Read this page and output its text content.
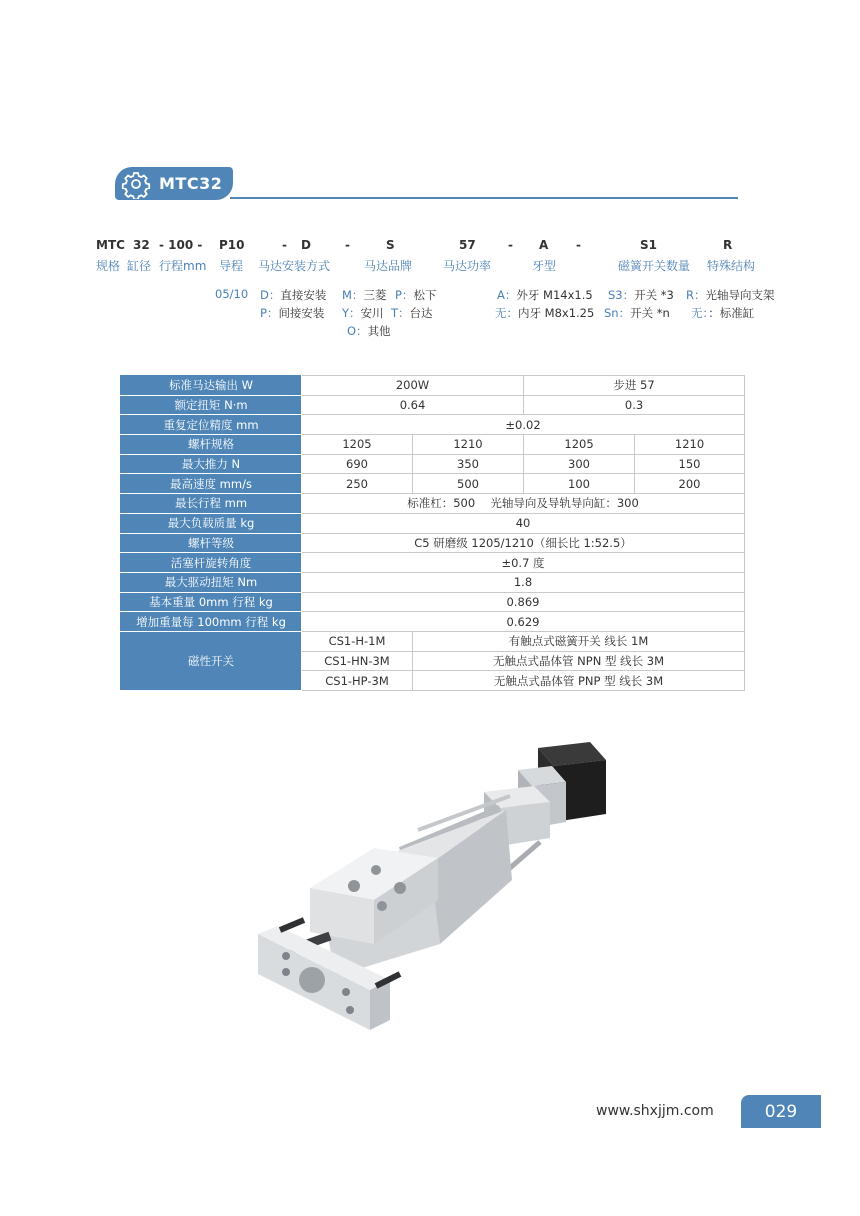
MTC32
MTC 32 - 100 - P10	- D	-	S	57	- A -	S1	R
规格 缸径 行程mm 导程 马达安装方式	马达品牌	马达功率	牙型	磁簧开关数量 特殊结构
05/10 D：直接安装
P：间接安装
M：三菱 P：松下
Y：安川 T：台达
O：其他
A：外牙 M14x1.5
无：内牙 M8x1.25
S3：开关 *3
Sn：开关 *n
R：光轴导向支架
无：：标准缸
标准马达输出 W	200W		步进 57	
额定扭矩 N·m	0.64		0.3	
重复定位精度 mm	±0.02			
螺杆规格	1205	1210	1205	1210
最大推力 N	690	350	300	150
最高速度 mm/s	250	500	100	200
最长行程 mm	标准杠：500　 光轴导向及导轨导向缸：300			
最大负载质量 kg	40			
螺杆等级	C5 研磨级 1205/1210（细长比 1:52.5）			
活塞杆旋转角度	±0.7 度			
最大驱动扭矩 Nm	1.8			
基本重量 0mm 行程 kg	0.869			
增加重量每 100mm 行程 kg	0.629			
磁性开关	CS1-H-1M	有触点式磁簧开关 线长 1M		
	CS1-HN-3M	无触点式晶体管 NPN 型 线长 3M		
	CS1-HP-3M	无触点式晶体管 PNP 型 线长 3M		
www.shxjjm.com	029
